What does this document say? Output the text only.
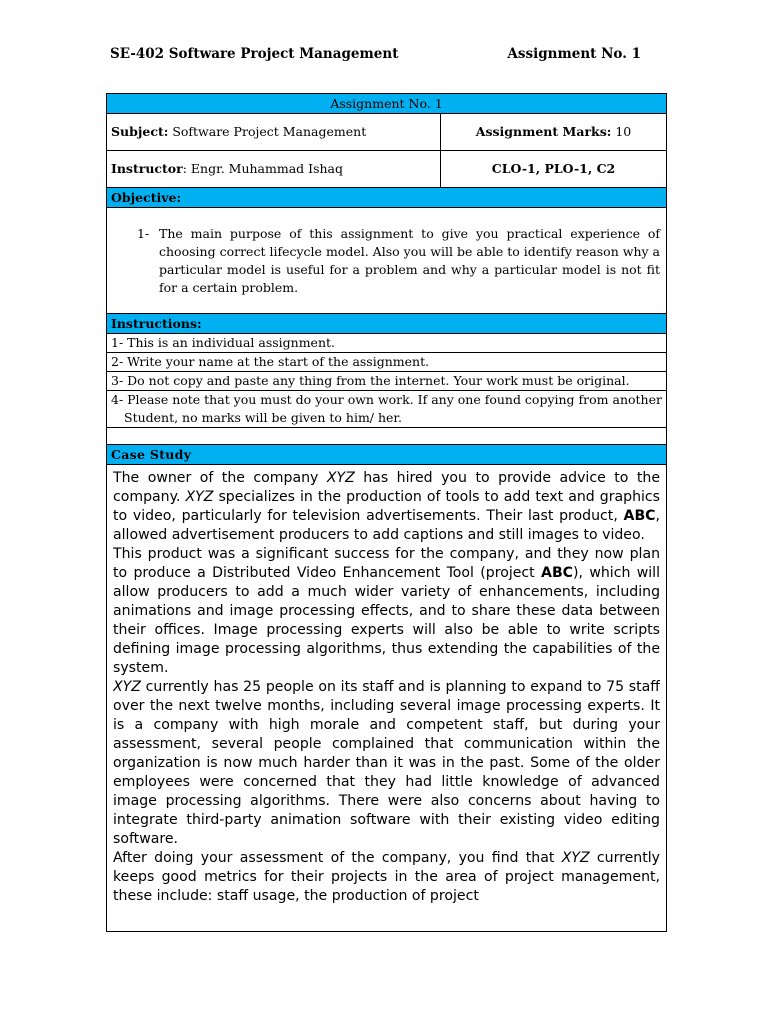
SE-402 Software Project Management	Assignment No. 1
Assignment No. 1	
Subject: Software Project Management	Assignment Marks: 10
Instructor: Engr. Muhammad Ishaq	CLO-1, PLO-1, C2
Objective:	

1- The main purpose of this assignment to give you practical experience of choosing correct lifecycle model. Also you will be able to identify reason why a particular model is useful for a problem and why a particular model is not fit for a certain problem.	

Instructions:	
1- This is an individual assignment.	
2- Write your name at the start of the assignment.	
3- Do not copy and paste any thing from the internet. Your work must be original.	

4- Please note that you must do your own work. If any one found copying from another
Student, no marks will be given to him/ her.	

Case Study	

The owner of the company XYZ has hired you to provide advice to the company. XYZ specializes in the production of tools to add text and graphics to video, particularly for television advertisements. Their last product, ABC, allowed advertisement producers to add captions and still images to video.

This product was a significant success for the company, and they now plan to produce a Distributed Video Enhancement Tool (project ABC), which will allow producers to add a much wider variety of enhancements, including animations and image processing effects, and to share these data between their offices. Image processing experts will also be able to write scripts defining image processing algorithms, thus extending the capabilities of the system.

XYZ currently has 25 people on its staff and is planning to expand to 75 staff over the next twelve months, including several image processing experts. It is a company with high morale and competent staff, but during your assessment, several people complained that communication within the organization is now much harder than it was in the past. Some of the older employees were concerned that they had little knowledge of advanced image processing algorithms. There were also concerns about having to integrate third-party animation software with their existing video editing software.

After doing your assessment of the company, you find that XYZ currently keeps good metrics for their projects in the area of project management, these include: staff usage, the production of project	
